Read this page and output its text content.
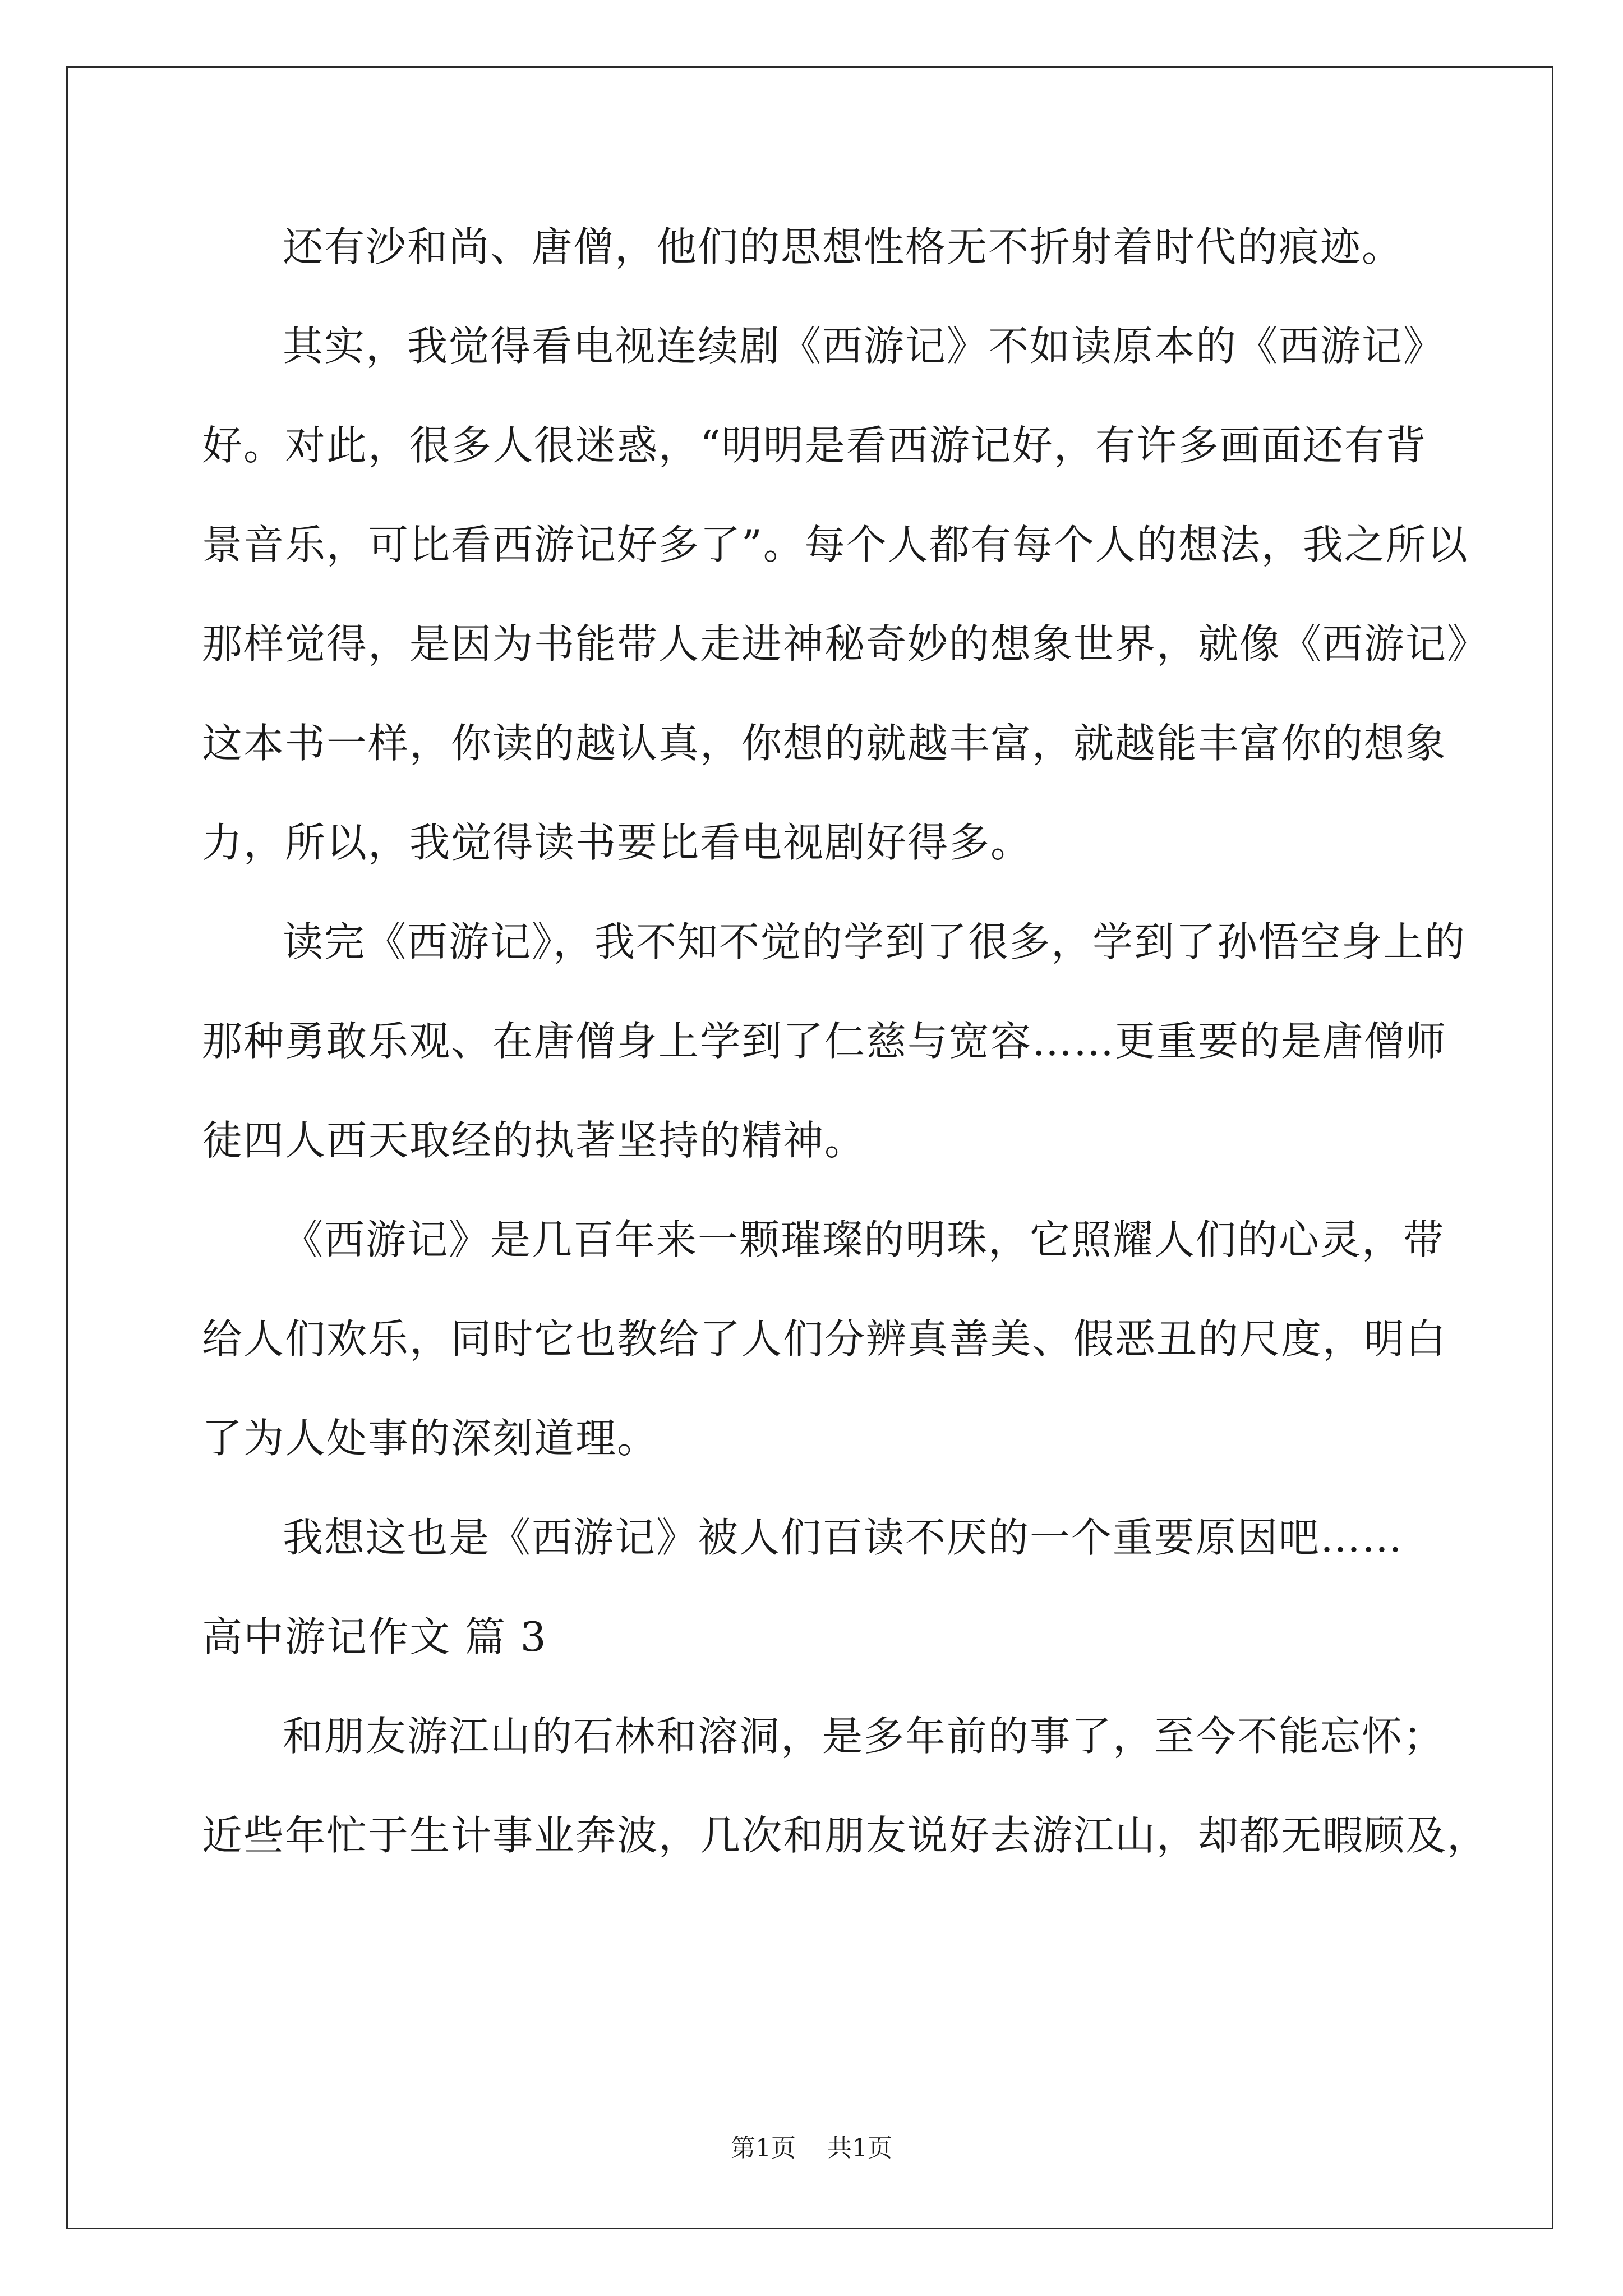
还有沙和尚、唐僧，他们的思想性格无不折射着时代的痕迹。
其实，我觉得看电视连续剧《西游记》不如读原本的《西游记》
好。对此，很多人很迷惑，“明明是看西游记好，有许多画面还有背
景音乐，可比看西游记好多了”。每个人都有每个人的想法，我之所以
那样觉得，是因为书能带人走进神秘奇妙的想象世界，就像《西游记》
这本书一样，你读的越认真，你想的就越丰富，就越能丰富你的想象
力，所以，我觉得读书要比看电视剧好得多。
读完《西游记》，我不知不觉的学到了很多，学到了孙悟空身上的
那种勇敢乐观、在唐僧身上学到了仁慈与宽容……更重要的是唐僧师
徒四人西天取经的执著坚持的精神。
《西游记》是几百年来一颗璀璨的明珠，它照耀人们的心灵，带
给人们欢乐，同时它也教给了人们分辨真善美、假恶丑的尺度，明白
了为人处事的深刻道理。
我想这也是《西游记》被人们百读不厌的一个重要原因吧……
高中游记作文 篇 3
和朋友游江山的石林和溶洞，是多年前的事了，至今不能忘怀；
近些年忙于生计事业奔波，几次和朋友说好去游江山，却都无暇顾及，
第1页 共1页
